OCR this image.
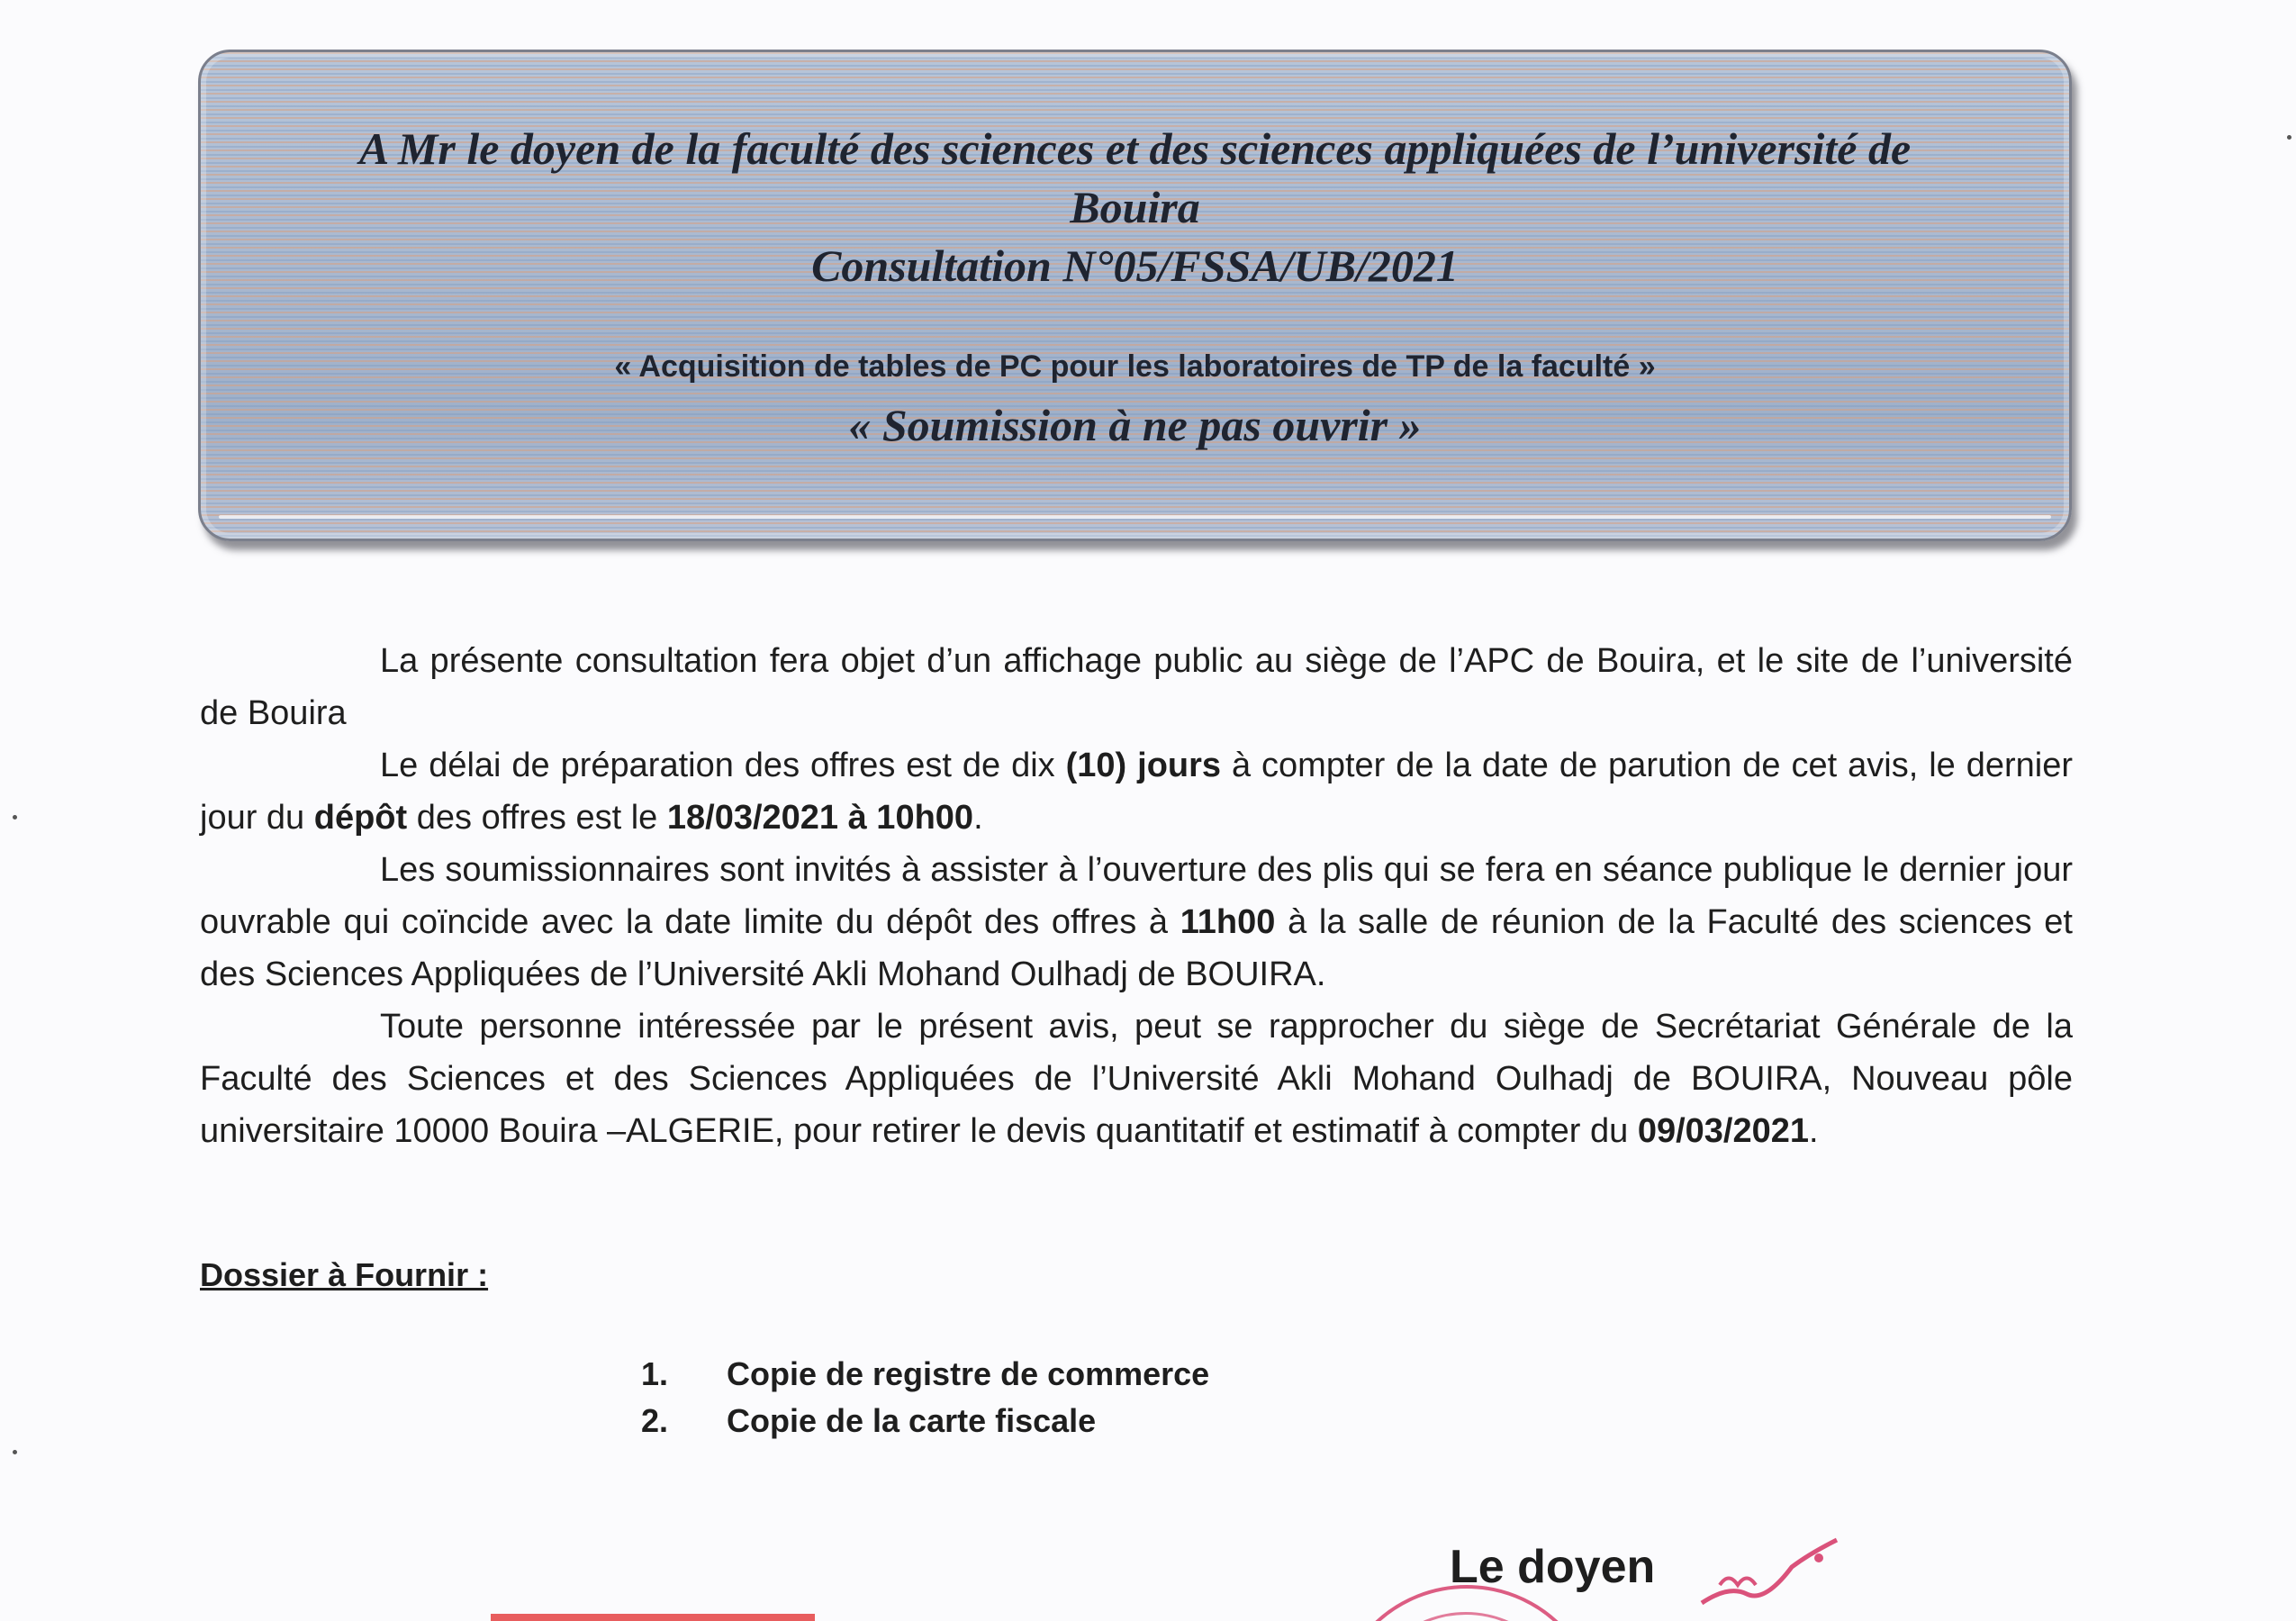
A Mr le doyen de la faculté des sciences et des sciences appliquées de l’université de
Bouira
Consultation N°05/FSSA/UB/2021
« Acquisition de tables de PC pour les laboratoires de TP de la faculté »
« Soumission à ne pas ouvrir »

La présente consultation fera objet d’un affichage public au siège de l’APC de Bouira, et le site de l’université de Bouira

Le délai de préparation des offres est de dix (10) jours à compter de la date de parution de cet avis, le dernier jour du dépôt des offres est le 18/03/2021 à 10h00.

Les soumissionnaires sont invités à assister à l’ouverture des plis qui se fera en séance publique le dernier jour ouvrable qui coïncide avec la date limite du dépôt des offres à 11h00 à la salle de réunion de la Faculté des sciences et des Sciences Appliquées de l’Université Akli Mohand Oulhadj de BOUIRA.

Toute personne intéressée par le présent avis, peut se rapprocher du siège de Secrétariat Générale de la Faculté des Sciences et des Sciences Appliquées de l’Université Akli Mohand Oulhadj de BOUIRA, Nouveau pôle universitaire 10000 Bouira –ALGERIE, pour retirer le devis quantitatif et estimatif à compter du 09/03/2021.

Dossier à Fournir :
1.	Copie de registre de commerce
2.	Copie de la carte fiscale
Le doyen
